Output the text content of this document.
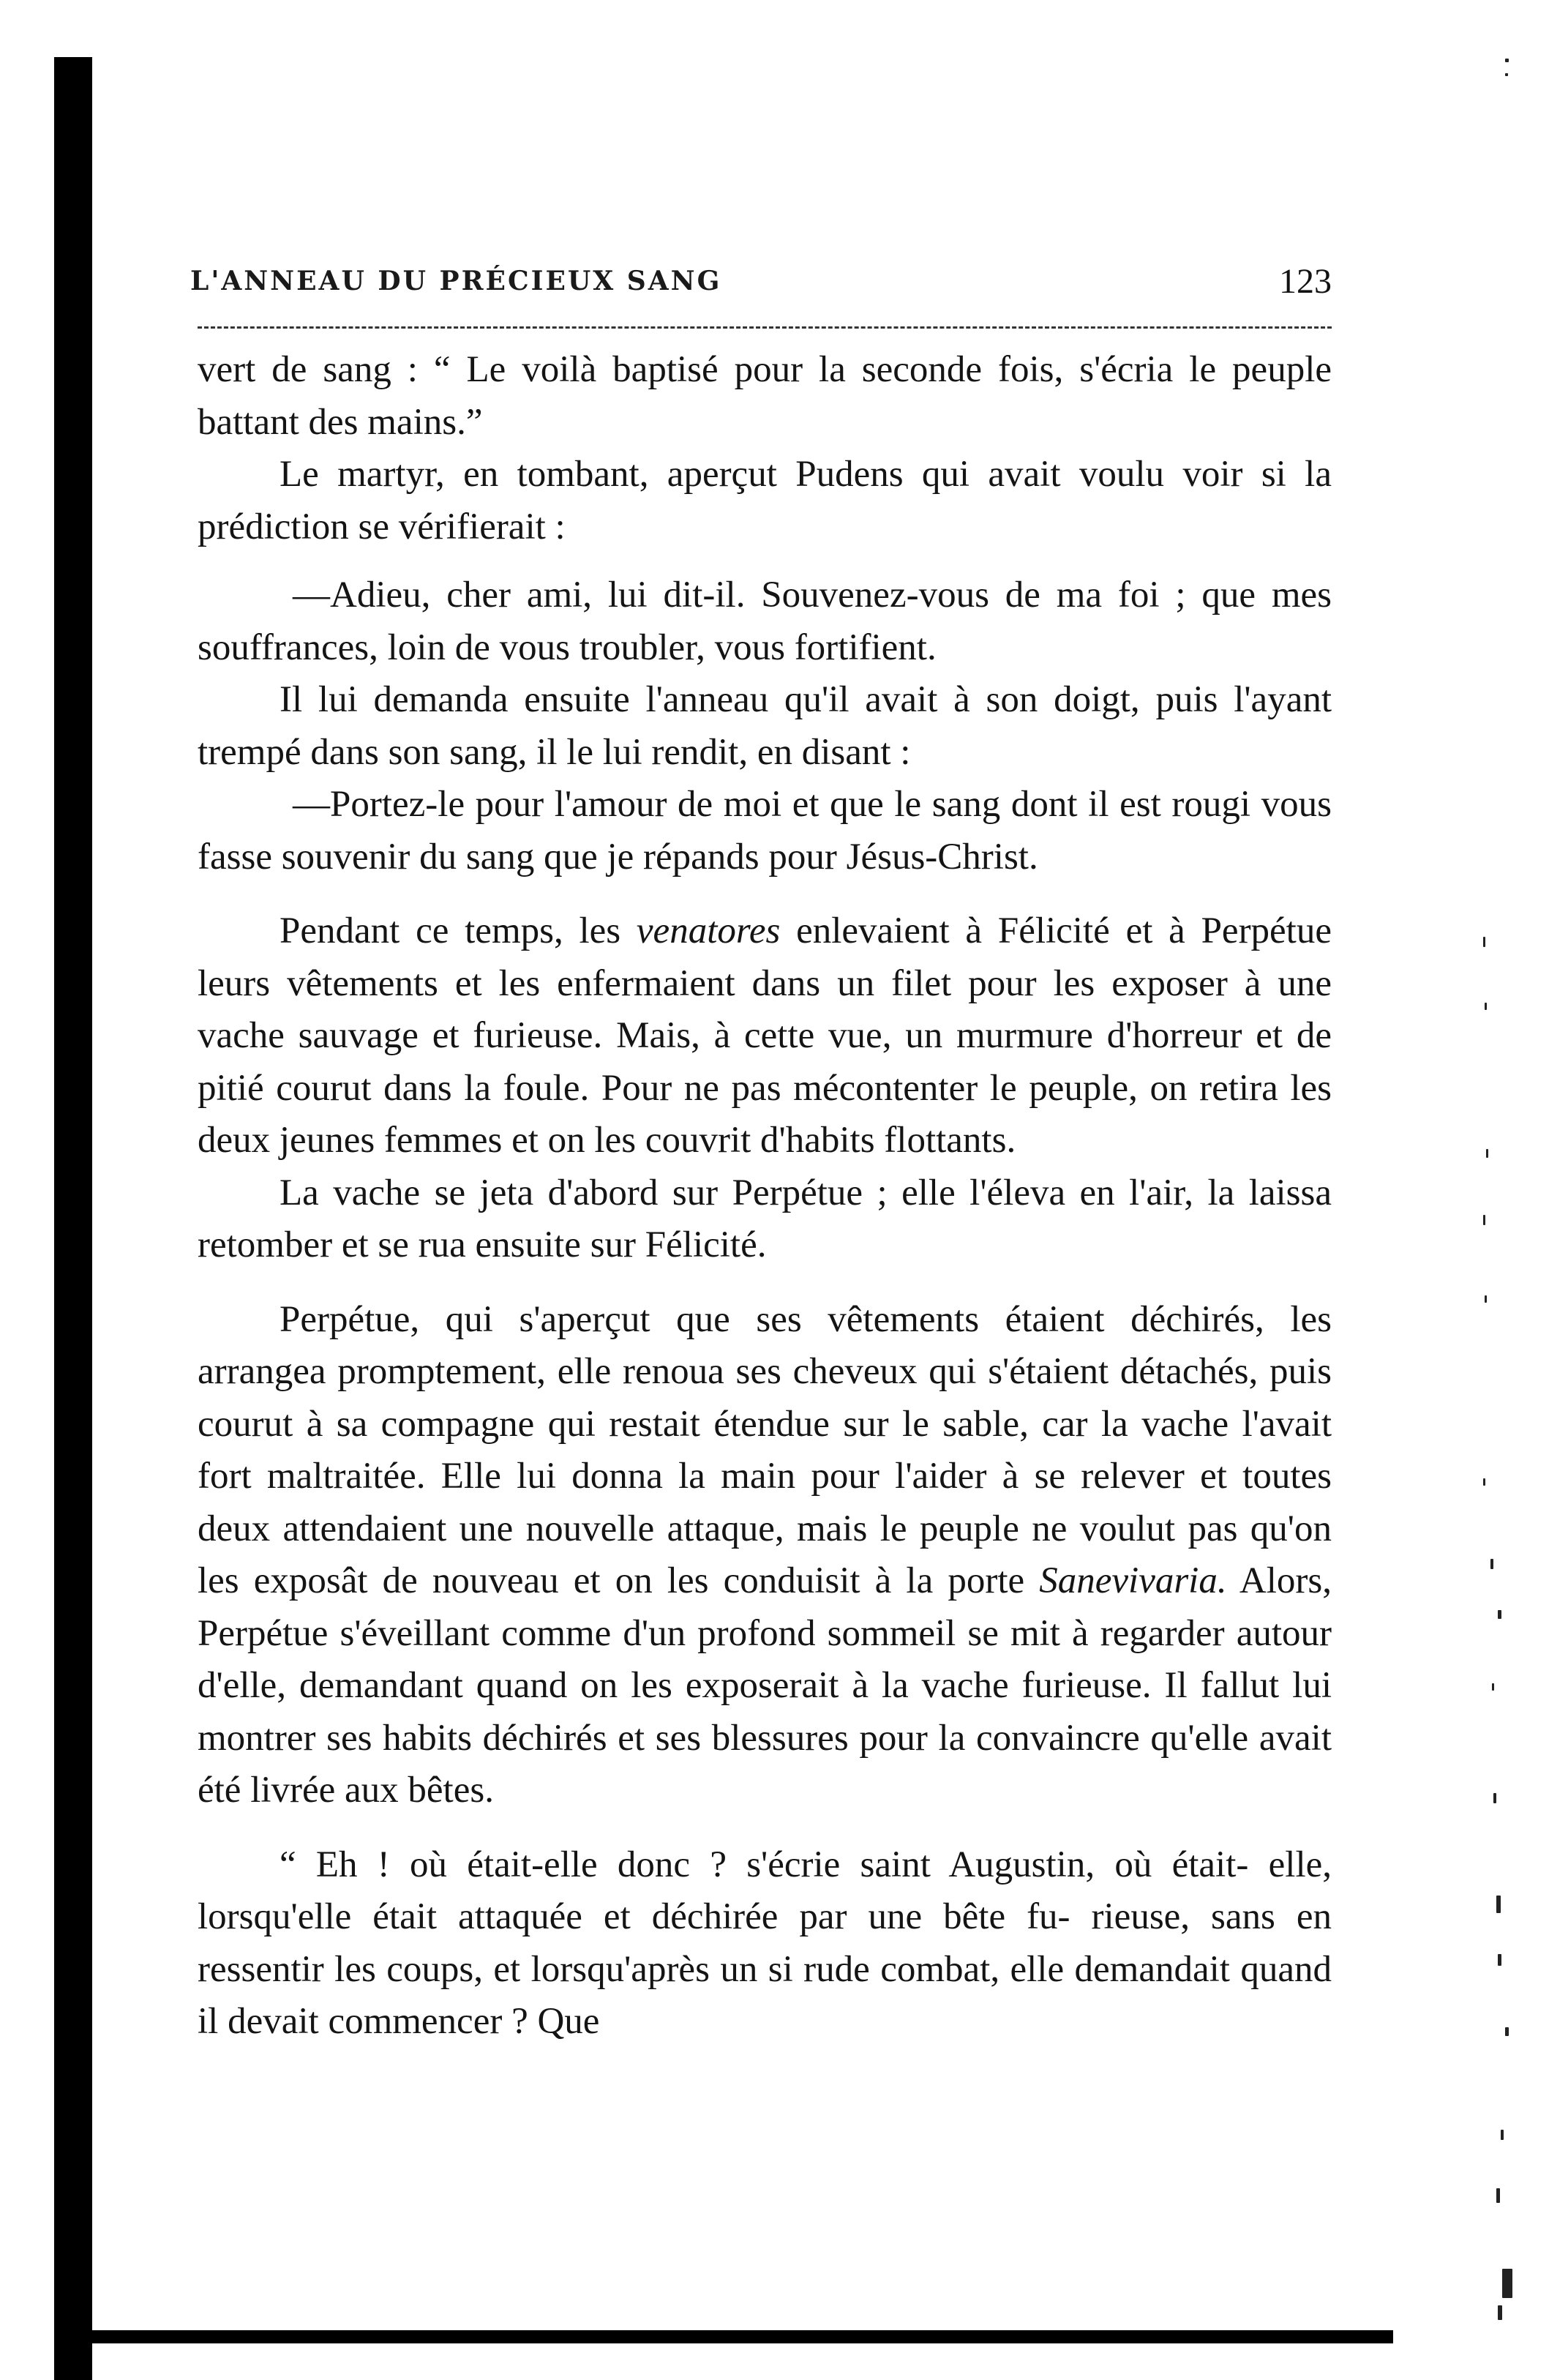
L'ANNEAU DU PRÉCIEUX SANG	123

vert de sang : “ Le voilà baptisé pour la seconde fois, s'écria le peuple battant des mains.”

Le martyr, en tombant, aperçut Pudens qui avait voulu voir si la prédiction se vérifierait :

—Adieu, cher ami, lui dit-il. Souvenez-vous de ma foi ; que mes souffrances, loin de vous troubler, vous fortifient.

Il lui demanda ensuite l'anneau qu'il avait à son doigt, puis l'ayant trempé dans son sang, il le lui rendit, en disant :

—Portez-le pour l'amour de moi et que le sang dont il est rougi vous fasse souvenir du sang que je répands pour Jésus-Christ.

Pendant ce temps, les venatores enlevaient à Félicité et à Perpétue leurs vêtements et les enfermaient dans un filet pour les exposer à une vache sauvage et furieuse. Mais, à cette vue, un murmure d'horreur et de pitié courut dans la foule. Pour ne pas mécontenter le peuple, on retira les deux jeunes femmes et on les couvrit d'habits flottants.

La vache se jeta d'abord sur Perpétue ; elle l'éleva en l'air, la laissa retomber et se rua ensuite sur Félicité.

Perpétue, qui s'aperçut que ses vêtements étaient déchirés, les arrangea promptement, elle renoua ses cheveux qui s'étaient détachés, puis courut à sa compagne qui restait étendue sur le sable, car la vache l'avait fort maltraitée. Elle lui donna la main pour l'aider à se relever et toutes deux attendaient une nouvelle attaque, mais le peuple ne voulut pas qu'on les exposât de nouveau et on les conduisit à la porte Sanevivaria. Alors, Perpétue s'éveillant comme d'un profond sommeil se mit à regarder autour d'elle, demandant quand on les exposerait à la vache furieuse. Il fallut lui montrer ses habits déchirés et ses blessures pour la convaincre qu'elle avait été livrée aux bêtes.

“ Eh ! où était-elle donc ? s'écrie saint Augustin, où était- elle, lorsqu'elle était attaquée et déchirée par une bête fu- rieuse, sans en ressentir les coups, et lorsqu'après un si rude combat, elle demandait quand il devait commencer ? Que
